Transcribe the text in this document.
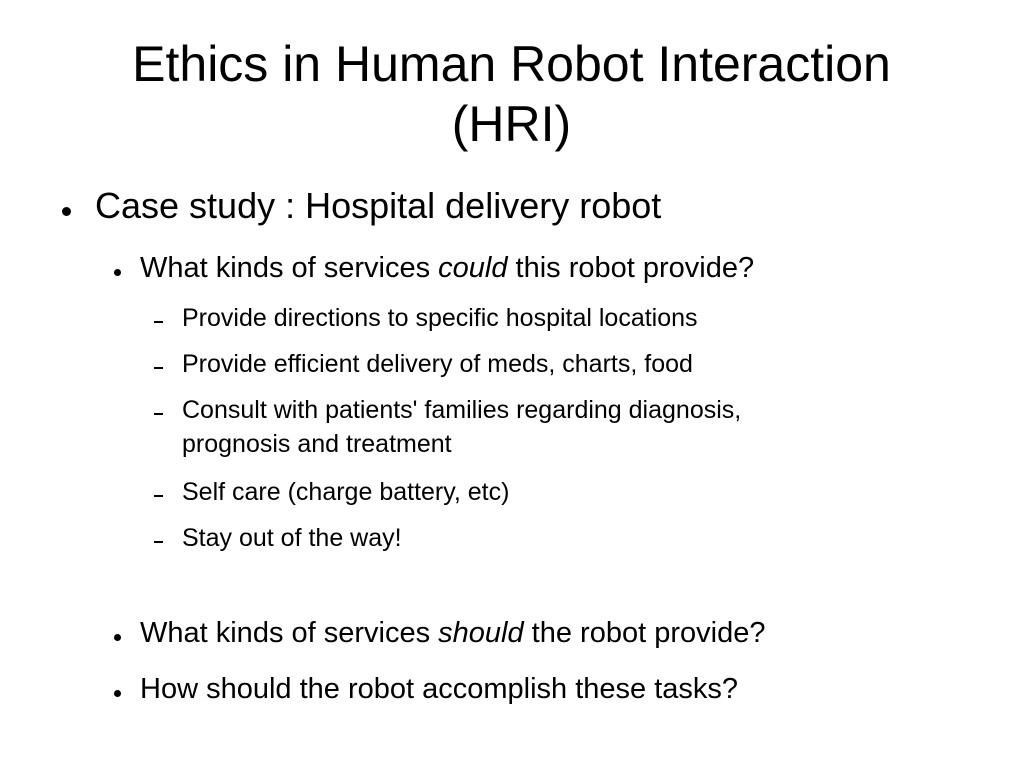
Ethics in Human Robot Interaction
(HRI)
Case study : Hospital delivery robot
What kinds of services could this robot provide?
Provide directions to specific hospital locations
Provide efficient delivery of meds, charts, food
Consult with patients' families regarding diagnosis,
prognosis and treatment
Self care (charge battery, etc)
Stay out of the way!
What kinds of services should the robot provide?
How should the robot accomplish these tasks?
